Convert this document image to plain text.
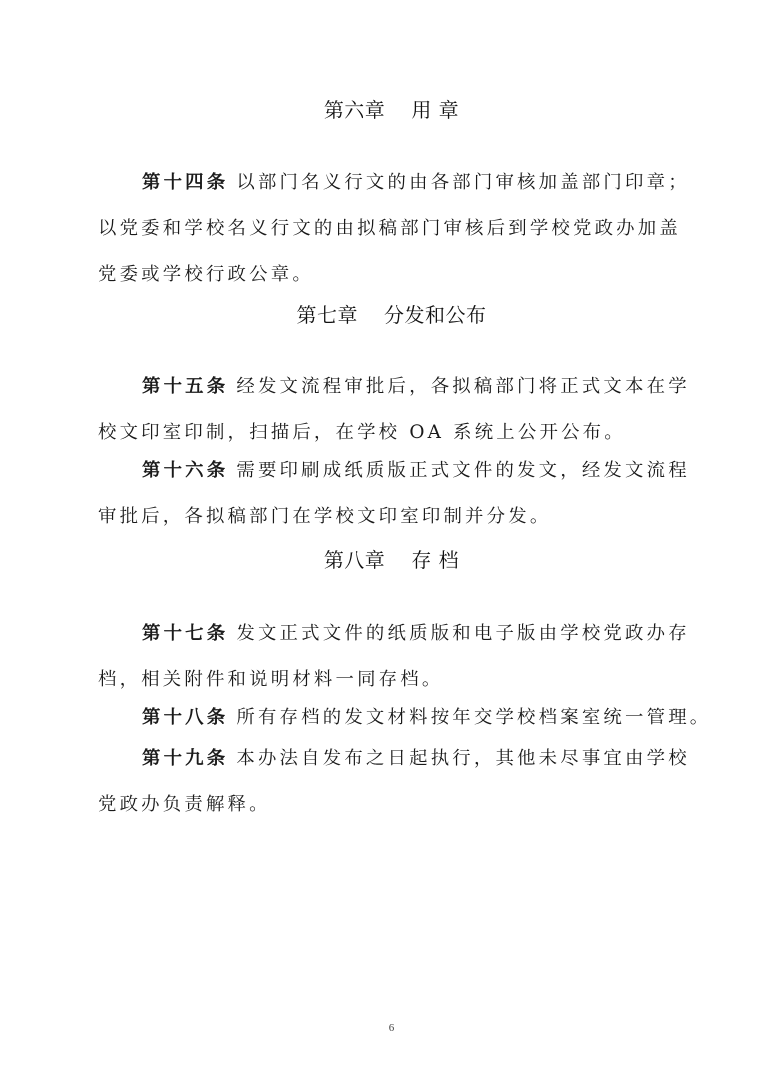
第六章 用 章
第十四条 以部门名义行文的由各部门审核加盖部门印章；
以党委和学校名义行文的由拟稿部门审核后到学校党政办加盖
党委或学校行政公章。
第七章 分发和公布
第十五条 经发文流程审批后，各拟稿部门将正式文本在学
校文印室印制，扫描后，在学校 OA 系统上公开公布。
第十六条 需要印刷成纸质版正式文件的发文，经发文流程
审批后，各拟稿部门在学校文印室印制并分发。
第八章 存 档
第十七条 发文正式文件的纸质版和电子版由学校党政办存
档，相关附件和说明材料一同存档。
第十八条 所有存档的发文材料按年交学校档案室统一管理。
第十九条 本办法自发布之日起执行，其他未尽事宜由学校
党政办负责解释。
6
